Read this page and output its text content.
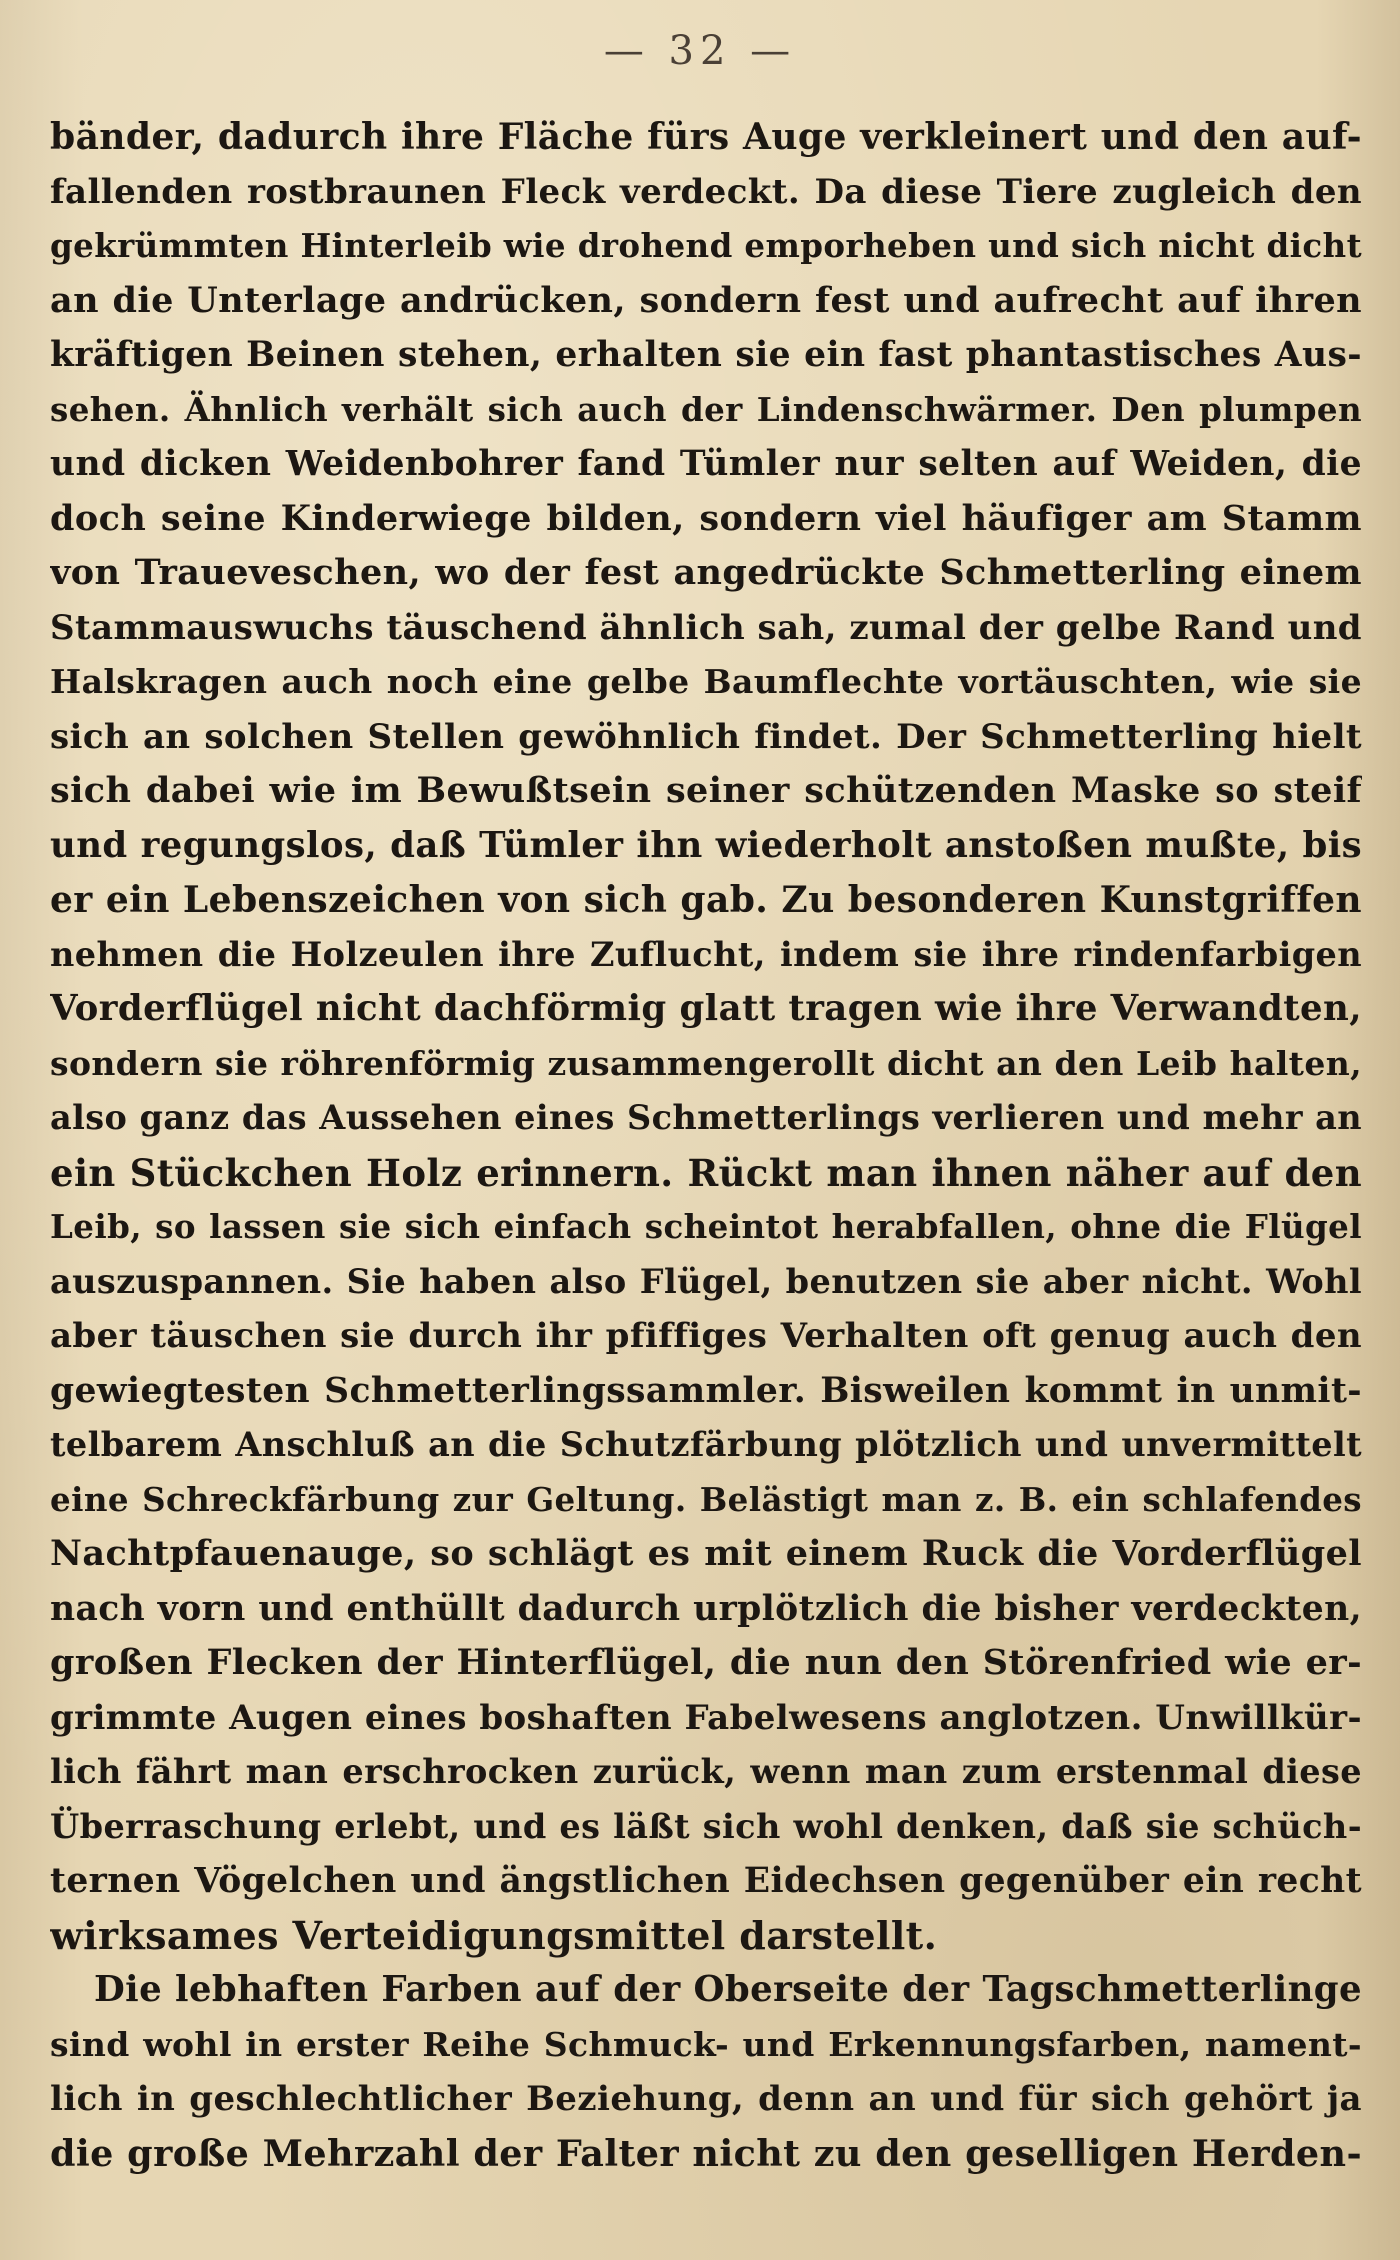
— 32 —
bänder, dadurch ihre Fläche fürs Auge verkleinert und den auf-
fallenden rostbraunen Fleck verdeckt. Da diese Tiere zugleich den
gekrümmten Hinterleib wie drohend emporheben und sich nicht dicht
an die Unterlage andrücken, sondern fest und aufrecht auf ihren
kräftigen Beinen stehen, erhalten sie ein fast phantastisches Aus-
sehen. Ähnlich verhält sich auch der Lindenschwärmer. Den plumpen
und dicken Weidenbohrer fand Tümler nur selten auf Weiden, die
doch seine Kinderwiege bilden, sondern viel häufiger am Stamm
von Traueveschen, wo der fest angedrückte Schmetterling einem
Stammauswuchs täuschend ähnlich sah, zumal der gelbe Rand und
Halskragen auch noch eine gelbe Baumflechte vortäuschten, wie sie
sich an solchen Stellen gewöhnlich findet. Der Schmetterling hielt
sich dabei wie im Bewußtsein seiner schützenden Maske so steif
und regungslos, daß Tümler ihn wiederholt anstoßen mußte, bis
er ein Lebenszeichen von sich gab. Zu besonderen Kunstgriffen
nehmen die Holzeulen ihre Zuflucht, indem sie ihre rindenfarbigen
Vorderflügel nicht dachförmig glatt tragen wie ihre Verwandten,
sondern sie röhrenförmig zusammengerollt dicht an den Leib halten,
also ganz das Aussehen eines Schmetterlings verlieren und mehr an
ein Stückchen Holz erinnern. Rückt man ihnen näher auf den
Leib, so lassen sie sich einfach scheintot herabfallen, ohne die Flügel
auszuspannen. Sie haben also Flügel, benutzen sie aber nicht. Wohl
aber täuschen sie durch ihr pfiffiges Verhalten oft genug auch den
gewiegtesten Schmetterlingssammler. Bisweilen kommt in unmit-
telbarem Anschluß an die Schutzfärbung plötzlich und unvermittelt
eine Schreckfärbung zur Geltung. Belästigt man z. B. ein schlafendes
Nachtpfauenauge, so schlägt es mit einem Ruck die Vorderflügel
nach vorn und enthüllt dadurch urplötzlich die bisher verdeckten,
großen Flecken der Hinterflügel, die nun den Störenfried wie er-
grimmte Augen eines boshaften Fabelwesens anglotzen. Unwillkür-
lich fährt man erschrocken zurück, wenn man zum erstenmal diese
Überraschung erlebt, und es läßt sich wohl denken, daß sie schüch-
ternen Vögelchen und ängstlichen Eidechsen gegenüber ein recht
wirksames Verteidigungsmittel darstellt.
Die lebhaften Farben auf der Oberseite der Tagschmetterlinge
sind wohl in erster Reihe Schmuck- und Erkennungsfarben, nament-
lich in geschlechtlicher Beziehung, denn an und für sich gehört ja
die große Mehrzahl der Falter nicht zu den geselligen Herden-
